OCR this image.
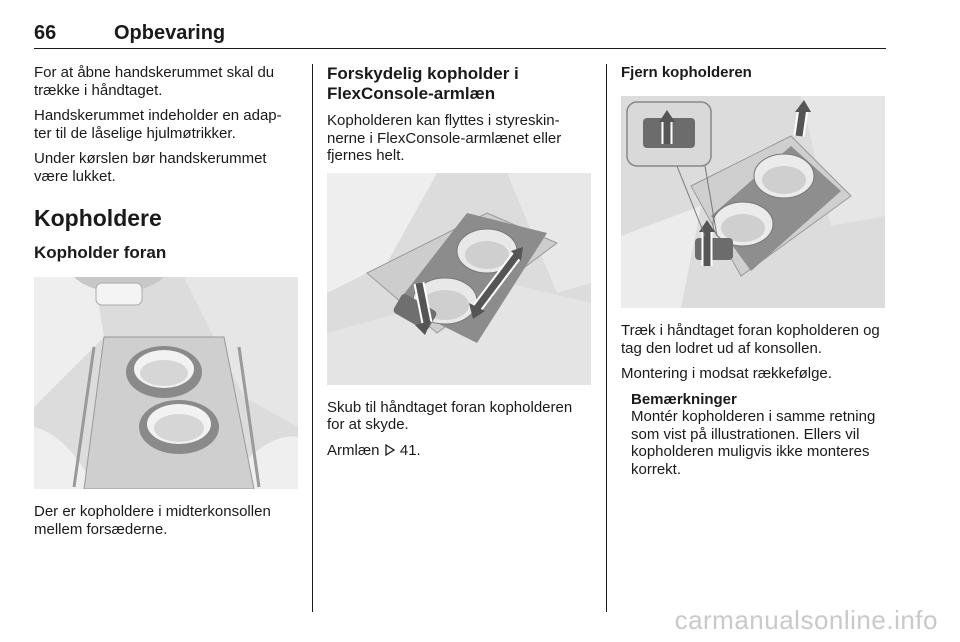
66	Opbevaring

For at åbne handskerummet skal du trække i håndtaget.

Handskerummet indeholder en adap-ter til de låselige hjulmøtrikker.

Under kørslen bør handskerummet være lukket.

Kopholdere
Kopholder foran

Der er kopholdere i midterkonsollen mellem forsæderne.

Forskydelig kopholder i FlexConsole-armlæn

Kopholderen kan flyttes i styreskin-nerne i FlexConsole-armlænet eller fjernes helt.

Skub til håndtaget foran kopholderen for at skyde.

Armlæn 41.

Fjern kopholderen

Træk i håndtaget foran kopholderen og tag den lodret ud af konsollen.

Montering i modsat rækkefølge.

Bemærkninger

Montér kopholderen i samme retning som vist på illustrationen. Ellers vil kopholderen muligvis ikke monteres korrekt.

carmanualsonline.info
